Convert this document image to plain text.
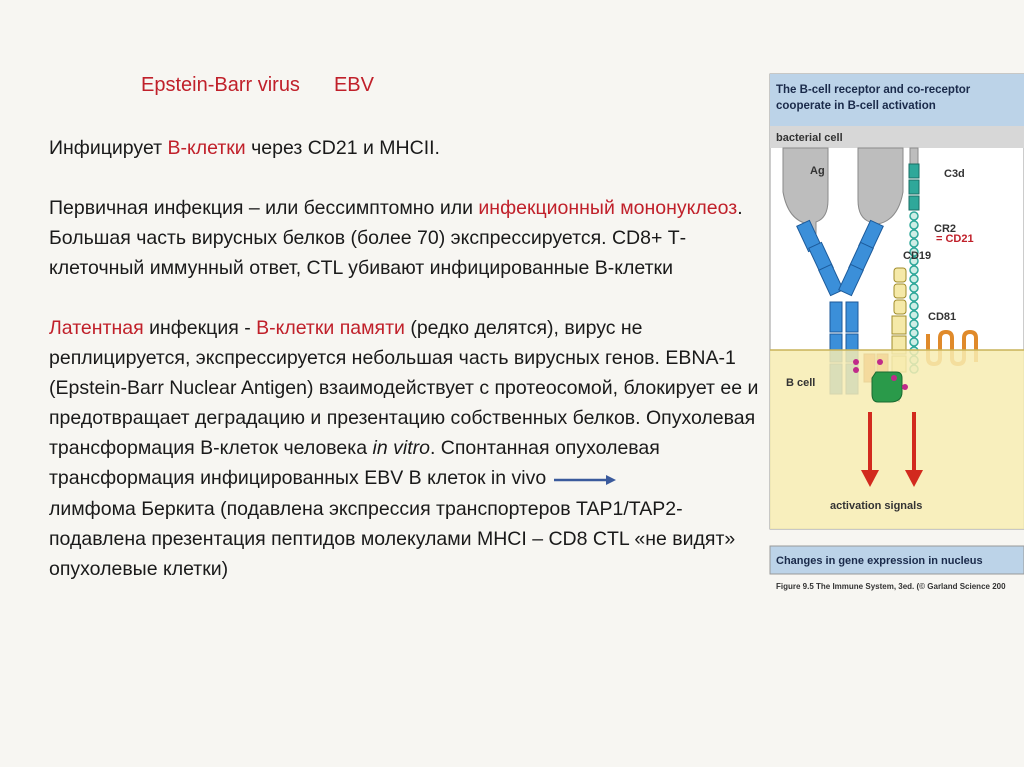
Epstein-Barr virus EBV

Инфицирует В-клетки через CD21 и MHCII.

Первичная инфекция – или бессимптомно или инфекционный мононуклеоз. Большая часть вирусных белков (более 70) экспрессируется. CD8+ Т-клеточный иммунный ответ, CTL убивают инфицированные В-клетки

Латентная инфекция - В-клетки памяти (редко делятся), вирус не реплицируется, экспрессируется небольшая часть вирусных генов. EBNA-1 (Epstein-Barr Nuclear Antigen) взаимодействует с протеосомой, блокирует ее и предотвращает деградацию и презентацию собственных белков. Опухолевая трансформация В-клеток человека in vitro. Спонтанная опухолевая трансформация инфицированных EBV В клеток in vivo
лимфома Беркита (подавлена экспрессия транспортеров TAP1/TAP2-подавлена презентация пептидов молекулами MHCI – CD8 CTL «не видят» опухолевые клетки)

The B-cell receptor and co-receptor
cooperate in B-cell activation
bacterial cell
Ag	C3d
CR2
CD19
CD81
B cell
activation signals
Changes in gene expression in nucleus
Figure 9.5 The Immune System, 3ed. (© Garland Science 200
= CD21
